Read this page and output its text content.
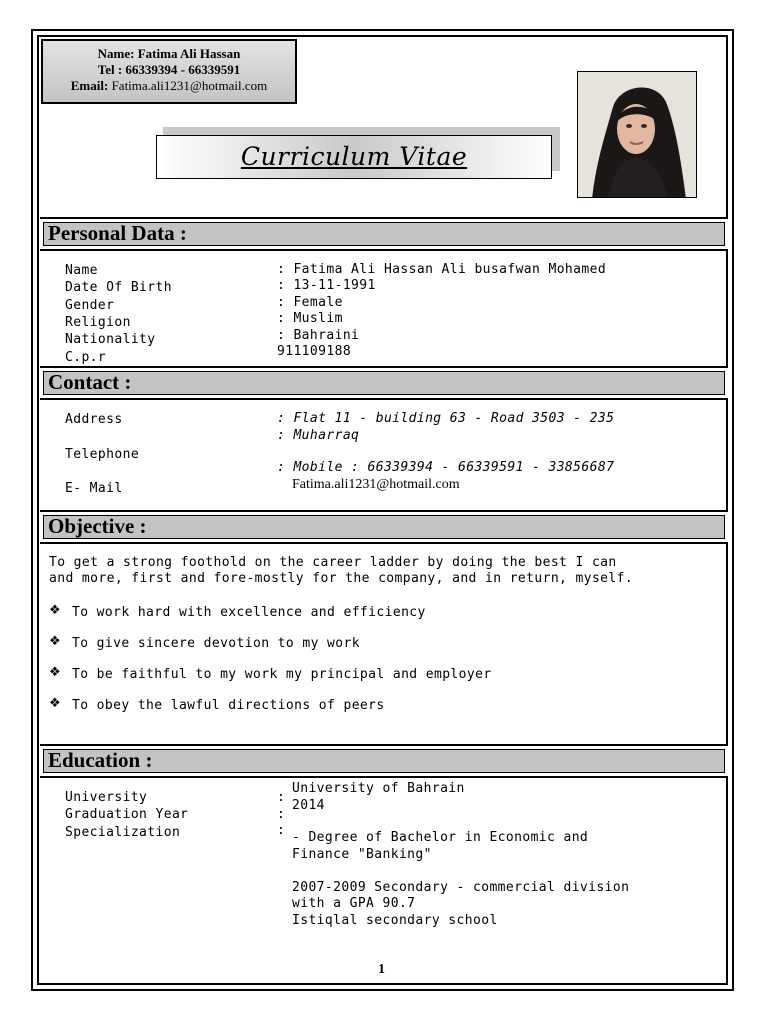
Name: Fatima Ali Hassan
Tel : 66339394 - 66339591
Email: Fatima.ali1231@hotmail.com
Curriculum Vitae
Personal Data :
Name
Date Of Birth
Gender
Religion
Nationality
C.p.r
: Fatima Ali Hassan Ali busafwan Mohamed
: 13-11-1991
: Female
: Muslim
: Bahraini
911109188
Contact :
Address
Telephone
E- Mail
: Flat 11 - building 63 - Road 3503 - 235
: Muharraq
: Mobile : 66339394 - 66339591 - 33856687
Fatima.ali1231@hotmail.com
Objective :
To get a strong foothold on the career ladder by doing the best I can
and more, first and fore-mostly for the company, and in return, myself.
❖ To work hard with excellence and efficiency
❖ To give sincere devotion to my work
❖ To be faithful to my work my principal and employer
❖ To obey the lawful directions of peers
Education :
University
Graduation Year
Specialization
:
:
:
University of Bahrain
2014
- Degree of Bachelor in Economic and
Finance "Banking"
2007-2009 Secondary - commercial division
with a GPA 90.7
Istiqlal secondary school
1
